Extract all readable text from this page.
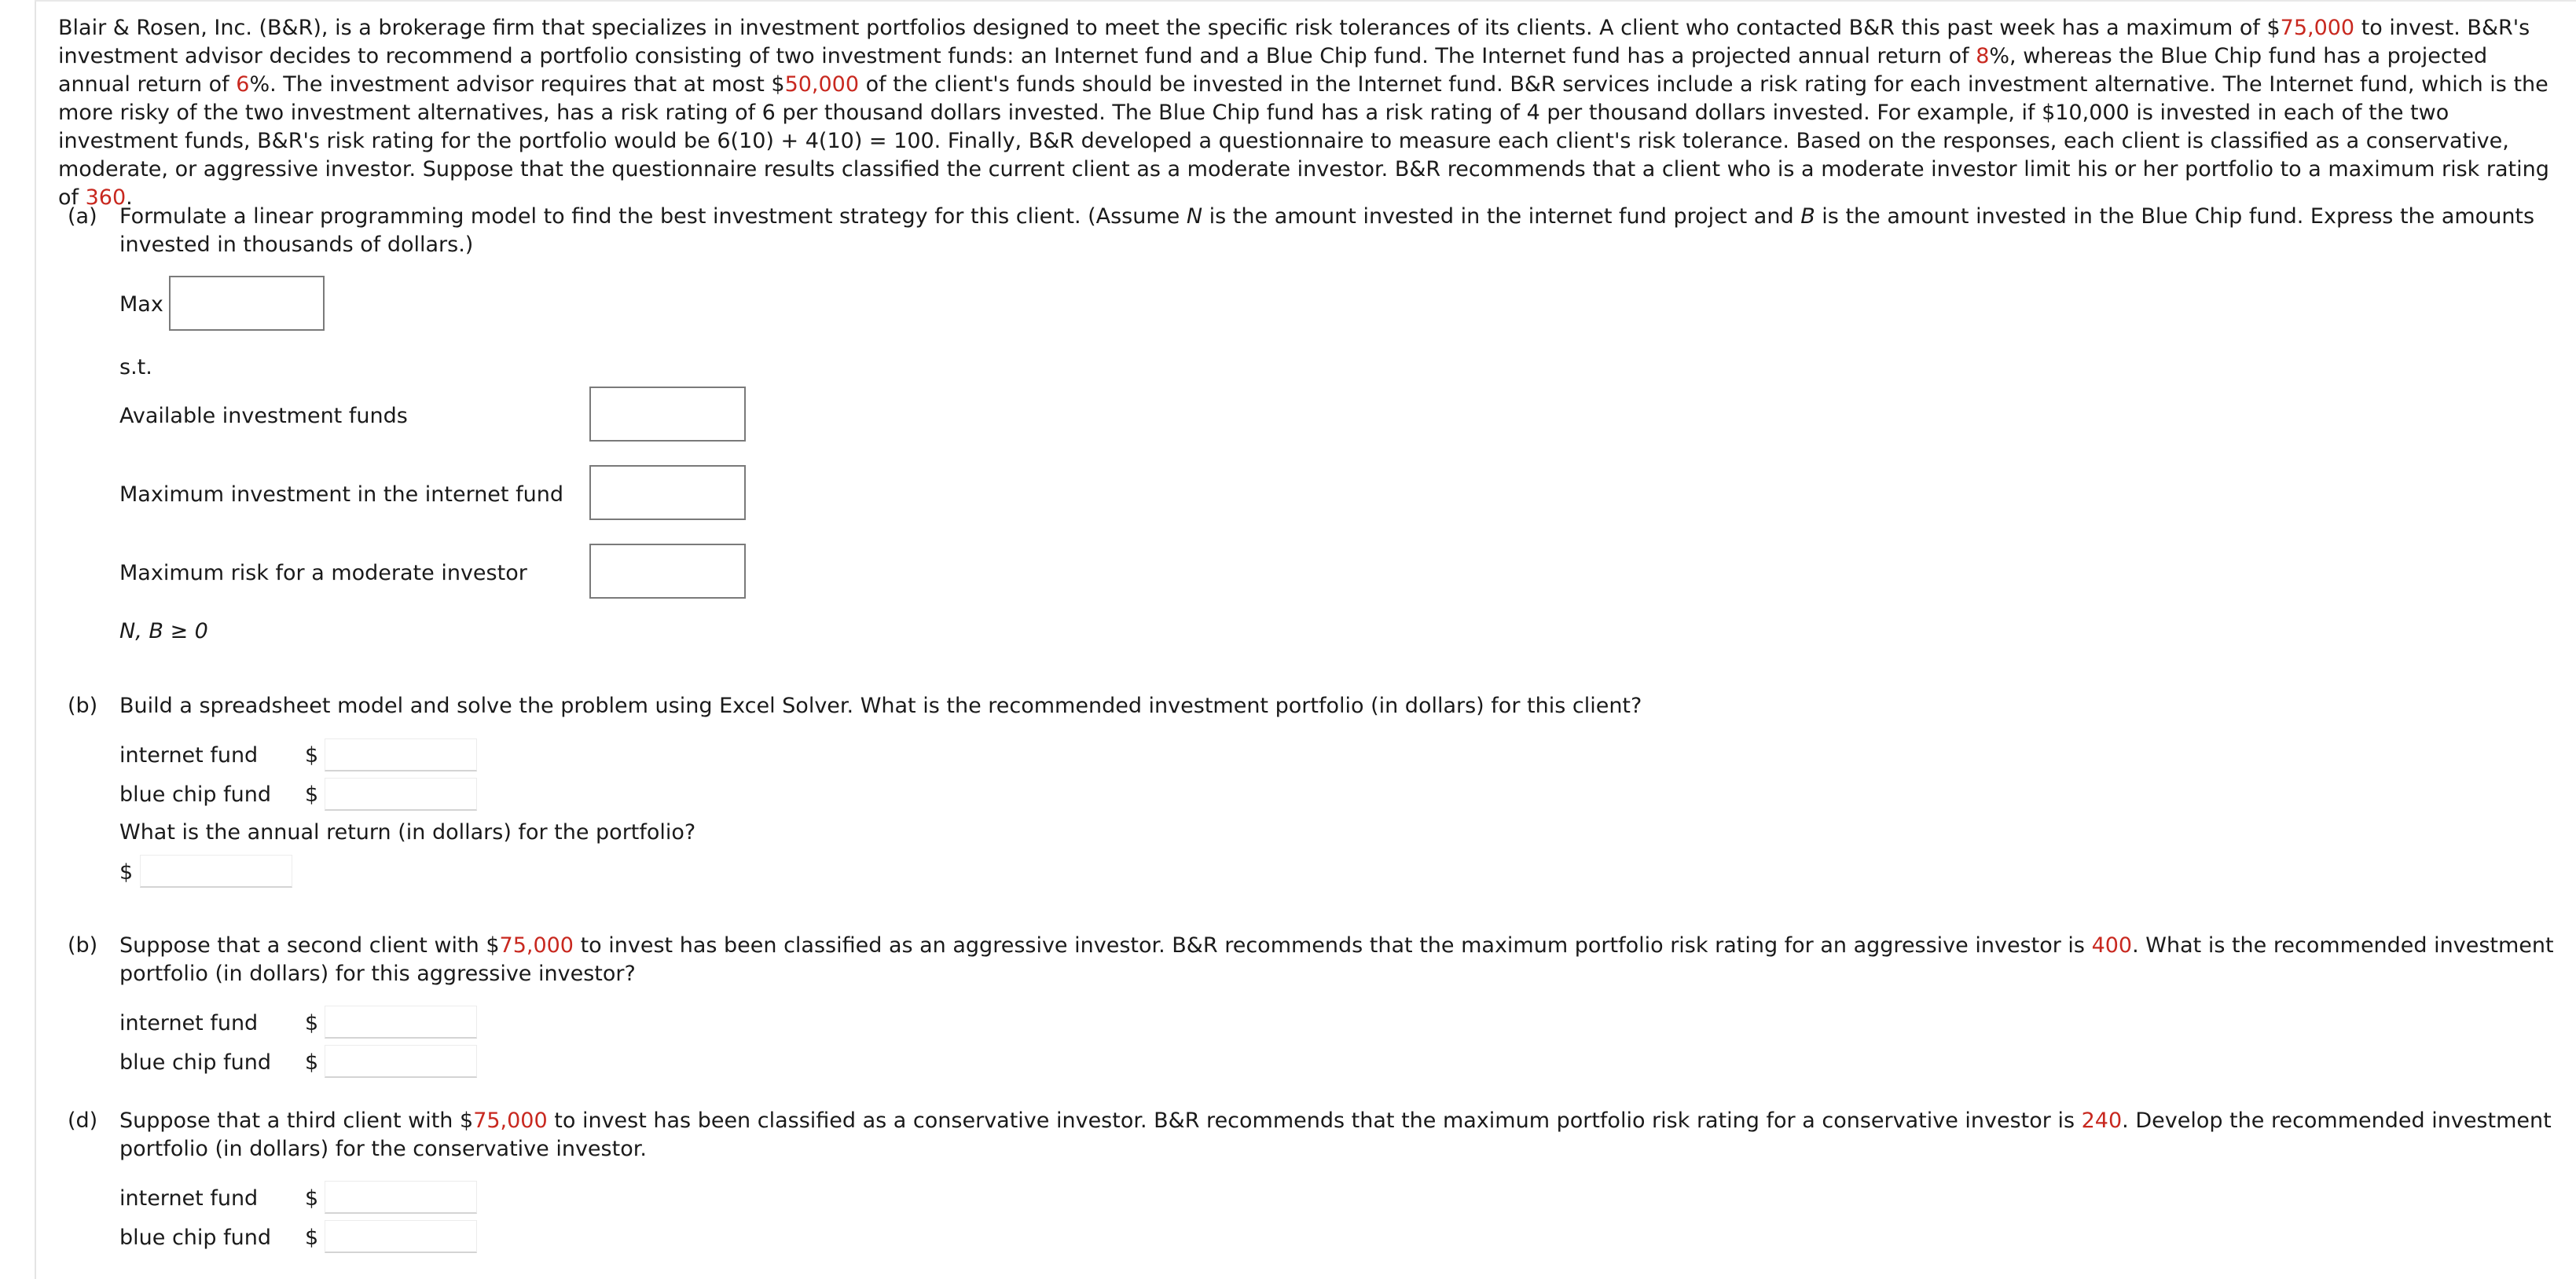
Blair & Rosen, Inc. (B&R), is a brokerage firm that specializes in investment portfolios designed to meet the specific risk tolerances of its clients. A client who contacted B&R this past week has a maximum of $75,000 to invest. B&R's investment advisor decides to recommend a portfolio consisting of two investment funds: an Internet fund and a Blue Chip fund. The Internet fund has a projected annual return of 8%, whereas the Blue Chip fund has a projected annual return of 6%. The investment advisor requires that at most $50,000 of the client's funds should be invested in the Internet fund. B&R services include a risk rating for each investment alternative. The Internet fund, which is the more risky of the two investment alternatives, has a risk rating of 6 per thousand dollars invested. The Blue Chip fund has a risk rating of 4 per thousand dollars invested. For example, if $10,000 is invested in each of the two investment funds, B&R's risk rating for the portfolio would be 6(10) + 4(10) = 100. Finally, B&R developed a questionnaire to measure each client's risk tolerance. Based on the responses, each client is classified as a conservative, moderate, or aggressive investor. Suppose that the questionnaire results classified the current client as a moderate investor. B&R recommends that a client who is a moderate investor limit his or her portfolio to a maximum risk rating of 360.

(a) Formulate a linear programming model to find the best investment strategy for this client. (Assume N is the amount invested in the internet fund project and B is the amount invested in the Blue Chip fund. Express the amounts invested in thousands of dollars.)
Max
s.t.
Available investment funds
Maximum investment in the internet fund
Maximum risk for a moderate investor
N, B ≥ 0
(b) Build a spreadsheet model and solve the problem using Excel Solver. What is the recommended investment portfolio (in dollars) for this client?
internet fund $
blue chip fund $
What is the annual return (in dollars) for the portfolio?
$
(b) Suppose that a second client with $75,000 to invest has been classified as an aggressive investor. B&R recommends that the maximum portfolio risk rating for an aggressive investor is 400. What is the recommended investment portfolio (in dollars) for this aggressive investor?
internet fund $
blue chip fund $
(d) Suppose that a third client with $75,000 to invest has been classified as a conservative investor. B&R recommends that the maximum portfolio risk rating for a conservative investor is 240. Develop the recommended investment portfolio (in dollars) for the conservative investor.
internet fund $
blue chip fund $
